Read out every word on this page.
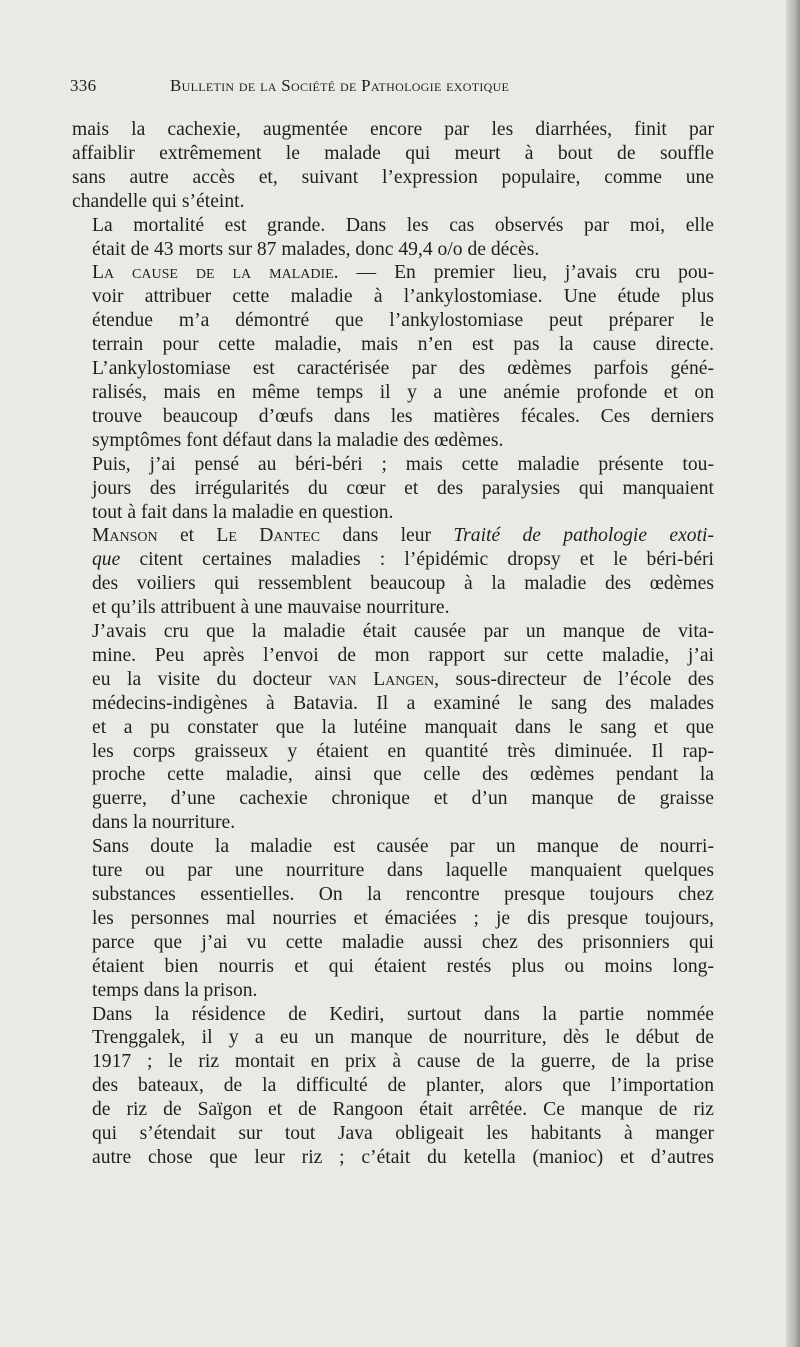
336	Bulletin de la Société de Pathologie exotique

mais la cachexie, augmentée encore par les diarrhées, finit par
affaiblir extrêmement le malade qui meurt à bout de souffle
sans autre accès et, suivant l’expression populaire, comme une
chandelle qui s’éteint.

La mortalité est grande. Dans les cas observés par moi, elle
était de 43 morts sur 87 malades, donc 49,4 o/o de décès.

La cause de la maladie. — En premier lieu, j’avais cru pou-
voir attribuer cette maladie à l’ankylostomiase. Une étude plus
étendue m’a démontré que l’ankylostomiase peut préparer le
terrain pour cette maladie, mais n’en est pas la cause directe.
L’ankylostomiase est caractérisée par des œdèmes parfois géné-
ralisés, mais en même temps il y a une anémie profonde et on
trouve beaucoup d’œufs dans les matières fécales. Ces derniers
symptômes font défaut dans la maladie des œdèmes.

Puis, j’ai pensé au béri-béri ; mais cette maladie présente tou-
jours des irrégularités du cœur et des paralysies qui manquaient
tout à fait dans la maladie en question.

Manson et Le Dantec dans leur Traité de pathologie exoti-
que citent certaines maladies : l’épidémic dropsy et le béri-béri
des voiliers qui ressemblent beaucoup à la maladie des œdèmes
et qu’ils attribuent à une mauvaise nourriture.

J’avais cru que la maladie était causée par un manque de vita-
mine. Peu après l’envoi de mon rapport sur cette maladie, j’ai
eu la visite du docteur van Langen, sous-directeur de l’école des
médecins-indigènes à Batavia. Il a examiné le sang des malades
et a pu constater que la lutéine manquait dans le sang et que
les corps graisseux y étaient en quantité très diminuée. Il rap-
proche cette maladie, ainsi que celle des œdèmes pendant la
guerre, d’une cachexie chronique et d’un manque de graisse
dans la nourriture.

Sans doute la maladie est causée par un manque de nourri-
ture ou par une nourriture dans laquelle manquaient quelques
substances essentielles. On la rencontre presque toujours chez
les personnes mal nourries et émaciées ; je dis presque toujours,
parce que j’ai vu cette maladie aussi chez des prisonniers qui
étaient bien nourris et qui étaient restés plus ou moins long-
temps dans la prison.

Dans la résidence de Kediri, surtout dans la partie nommée
Trenggalek, il y a eu un manque de nourriture, dès le début de
1917 ; le riz montait en prix à cause de la guerre, de la prise
des bateaux, de la difficulté de planter, alors que l’importation
de riz de Saïgon et de Rangoon était arrêtée. Ce manque de riz
qui s’étendait sur tout Java obligeait les habitants à manger
autre chose que leur riz ; c’était du ketella (manioc) et d’autres
